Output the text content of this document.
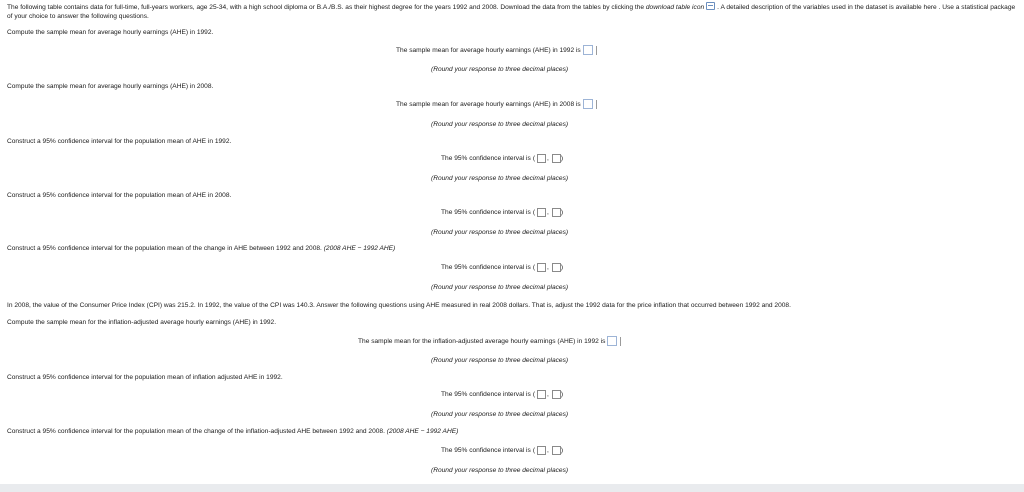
The following table contains data for full-time, full-years workers, age 25-34, with a high school diploma or B.A./B.S. as their highest degree for the years 1992 and 2008. Download the data from the tables by clicking the download table icon . A detailed description of the variables used in the dataset is available here . Use a statistical package of your choice to answer the following questions.
Compute the sample mean for average hourly earnings (AHE) in 1992.
The sample mean for average hourly earnings (AHE) in 1992 is
(Round your response to three decimal places)
Compute the sample mean for average hourly earnings (AHE) in 2008.
The sample mean for average hourly earnings (AHE) in 2008 is
(Round your response to three decimal places)
Construct a 95% confidence interval for the population mean of AHE in 1992.
The 95% confidence interval is ( , )
(Round your response to three decimal places)
Construct a 95% confidence interval for the population mean of AHE in 2008.
The 95% confidence interval is ( , )
(Round your response to three decimal places)
Construct a 95% confidence interval for the population mean of the change in AHE between 1992 and 2008. (2008 AHE − 1992 AHE)
The 95% confidence interval is ( , )
(Round your response to three decimal places)
In 2008, the value of the Consumer Price Index (CPI) was 215.2. In 1992, the value of the CPI was 140.3. Answer the following questions using AHE measured in real 2008 dollars. That is, adjust the 1992 data for the price inflation that occurred between 1992 and 2008.
Compute the sample mean for the inflation-adjusted average hourly earnings (AHE) in 1992.
The sample mean for the inflation-adjusted average hourly earnings (AHE) in 1992 is
(Round your response to three decimal places)
Construct a 95% confidence interval for the population mean of inflation adjusted AHE in 1992.
The 95% confidence interval is ( , )
(Round your response to three decimal places)
Construct a 95% confidence interval for the population mean of the change of the inflation-adjusted AHE between 1992 and 2008. (2008 AHE − 1992 AHE)
The 95% confidence interval is ( , )
(Round your response to three decimal places)
